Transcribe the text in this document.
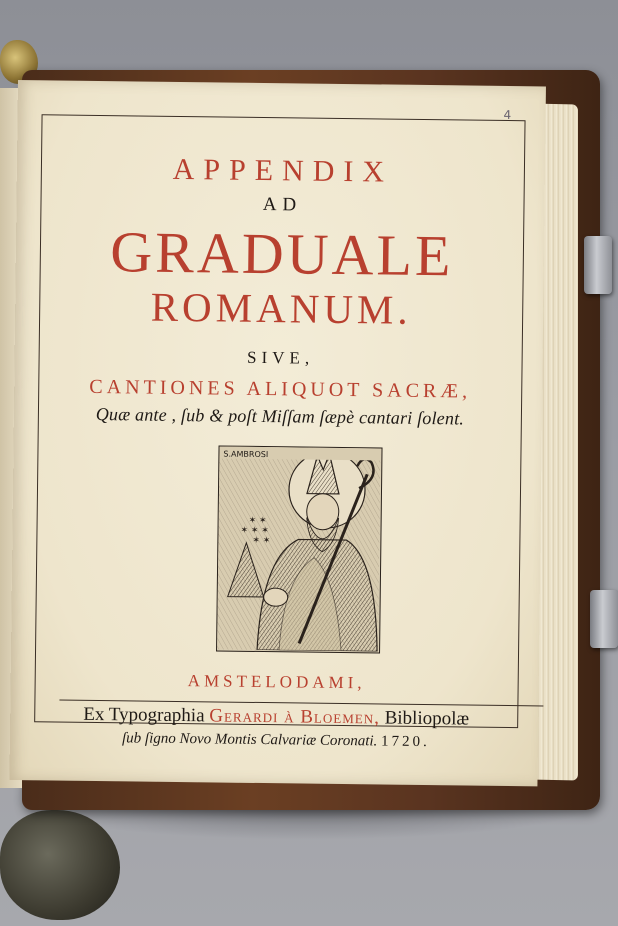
4
APPENDIX
AD
GRADUALE
ROMANUM.
SIVE,
CANTIONES ALIQUOT SACRÆ,
Quæ ante , ſub & poſt Miſſam ſæpè cantari ſolent.
✶ ✶
✶ ✶ ✶
✶ ✶
S.AMBROSI
AMSTELODAMI,
Ex Typographia Gerardi à Bloemen, Bibliopolæ
ſub ſigno Novo Montis Calvariæ Coronati. 1720.
